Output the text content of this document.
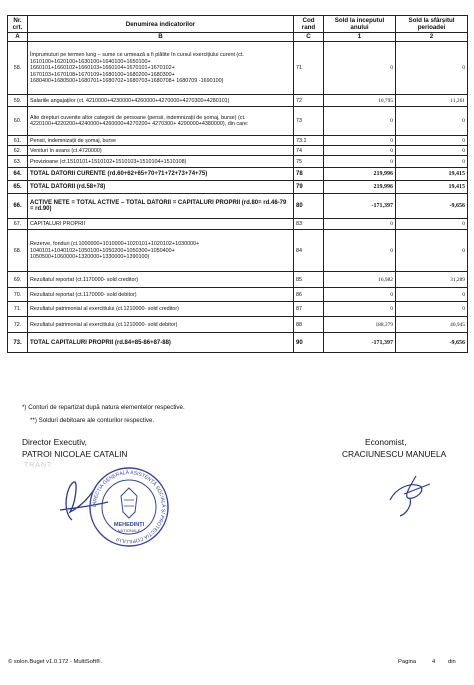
Nr. crt.	Denumirea indicatorilor	Cod rand	Sold la inceputul anului	Sold la sfârșitul perioadei
A	B	C	1	2
58.	Împrumuturi pe termen lung – sume ce urmează a fi plătite în cursul exercițiului curent (ct. 1610100+1620100+1630100+1640100+1650100+ 1660101+1660102+1660103+1660104+1670101+1670102+ 1670103+1670108+1670109+1680100+1680200+1680300+ 1680400+1680500+1680701+1680702+1680703+1680708+ 1680709 -1690100)	71	0	0
59.	Salariile angajaților (ct. 4210000+4230000+4260000+4270000+4270300+4280101)	72	10,795	11,261
60.	Alte drepturi cuvenite altor categorii de persoane (pensii, indemnizații de șomaj, burse) (ct. 4220100+4220200+4240000+4260000+4270200+ 4270300+ 4290000+4380000), din care:	73	0	0
61.	Pensii, indemnizații de șomaj, burse	73.1	0	0
62.	Venituri în avans (ct.4720000)	74	0	0
63.	Provizioane (ct.1510101+1510102+1510103+1510104+1510108)	75	0	0
64.	TOTAL DATORII CURENTE (rd.60+62+65+70+71+72+73+74+75)	78	219,996	19,415
65.	TOTAL DATORII (rd.58+78)	79	219,996	19,415
66.	ACTIVE NETE = TOTAL ACTIVE – TOTAL DATORII = CAPITALURI PROPRII (rd.80= rd.46-79 = rd.90)	80	-171,397	-9,656
67.	CAPITALURI PROPRII	83	0	0
68.	Rezerve, fonduri (ct.1000000+1010000+1020101+1020102+1030000+ 1040101+1040102+1050100+1050200+1050300+1050400+ 1050500+1060000+1320000+1330000+1390100)	84	0	0
69.	Rezultatul reportat (ct.1170000- sold creditor)	85	16,982	31,289
70.	Rezultatul reportat (ct.1170000- sold debitor)	86	0	0
71.	Rezultatul patrimonial al exercitiului (ct.1210000- sold creditor)	87	0	0
72.	Rezultatul patrimonial al exercitiului (ct.1210000- sold debitor)	88	188,379	40,945
73.	TOTAL CAPITALURI PROPRII (rd.84+85-86+87-88)	90	-171,397	-9,656
*) Conturi de repartizat după natura elementelor respective.
**) Solduri debitoare ale conturilor respective.
Director Executiv,
PATROI NICOLAE CATALIN
TRANT
Economist,
CRACIUNESCU MANUELA
DIRECȚIA GENERALĂ ASISTENȚĂ SOCIALĂ ȘI PROTECȚIA COPILULUI
MEHEDINȚI
NAȚIONALE
© solon.Buget v1.0.172 - MultiSoft®.	Pagina	4 din
